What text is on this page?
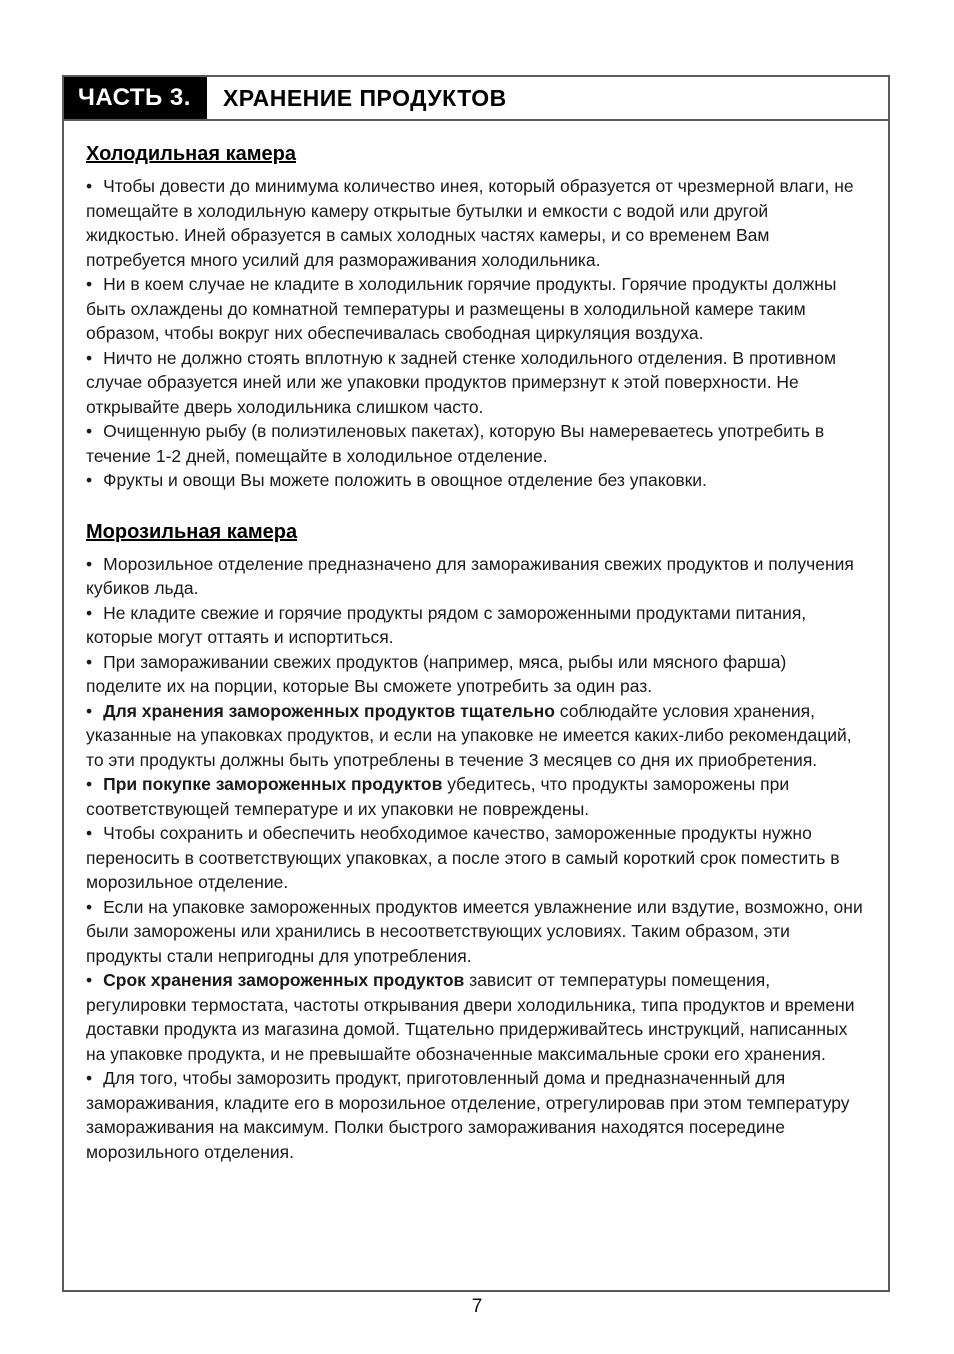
ЧАСТЬ 3.	ХРАНЕНИЕ ПРОДУКТОВ
Холодильная камера

• Чтобы довести до минимума количество инея, который образуется от чрезмерной влаги, не помещайте в холодильную камеру открытые бутылки и емкости с водой или другой жидкостью. Иней образуется в самых холодных частях камеры, и со временем Вам потребуется много усилий для размораживания холодильника.

• Ни в коем случае не кладите в холодильник горячие продукты. Горячие продукты должны быть охлаждены до комнатной температуры и размещены в холодильной камере таким образом, чтобы вокруг них обеспечивалась свободная циркуляция воздуха.

• Ничто не должно стоять вплотную к задней стенке холодильного отделения. В противном случае образуется иней или же упаковки продуктов примерзнут к этой поверхности. Не открывайте дверь холодильника слишком часто.

• Очищенную рыбу (в полиэтиленовых пакетах), которую Вы намереваетесь употребить в течение 1-2 дней, помещайте в холодильное отделение.

• Фрукты и овощи Вы можете положить в овощное отделение без упаковки.

Морозильная камера

• Морозильное отделение предназначено для замораживания свежих продуктов и получения кубиков льда.

• Не кладите свежие и горячие продукты рядом с замороженными продуктами питания, которые могут оттаять и испортиться.

• При замораживании свежих продуктов (например, мяса, рыбы или мясного фарша) поделите их на порции, которые Вы сможете употребить за один раз.

• Для хранения замороженных продуктов тщательно соблюдайте условия хранения, указанные на упаковках продуктов, и если на упаковке не имеется каких-либо рекомендаций, то эти продукты должны быть употреблены в течение 3 месяцев со дня их приобретения.

• При покупке замороженных продуктов убедитесь, что продукты заморожены при соответствующей температуре и их упаковки не повреждены.

• Чтобы сохранить и обеспечить необходимое качество, замороженные продукты нужно переносить в соответствующих упаковках, а после этого в самый короткий срок поместить в морозильное отделение.

• Если на упаковке замороженных продуктов имеется увлажнение или вздутие, возможно, они были заморожены или хранились в несоответствующих условиях. Таким образом, эти продукты стали непригодны для употребления.

• Срок хранения замороженных продуктов зависит от температуры помещения, регулировки термостата, частоты открывания двери холодильника, типа продуктов и времени доставки продукта из магазина домой. Тщательно придерживайтесь инструкций, написанных на упаковке продукта, и не превышайте обозначенные максимальные сроки его хранения.

• Для того, чтобы заморозить продукт, приготовленный дома и предназначенный для замораживания, кладите его в морозильное отделение, отрегулировав при этом температуру замораживания на максимум. Полки быстрого замораживания находятся посередине морозильного отделения.

7
